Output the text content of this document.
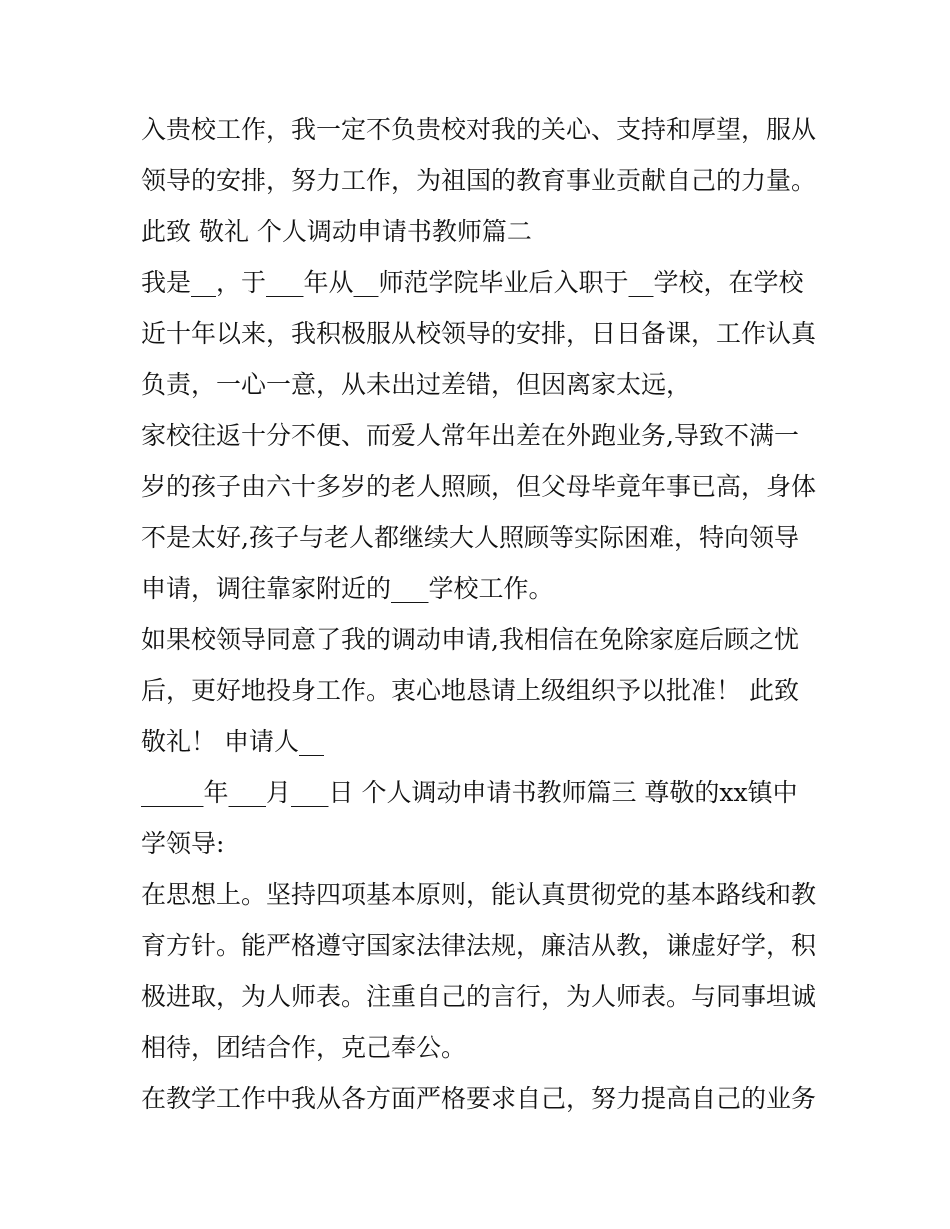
入贵校工作，我一定不负贵校对我的关心、支持和厚望，服从
领导的安排，努力工作，为祖国的教育事业贡献自己的力量。
此致 敬礼 个人调动申请书教师篇二
我是__，于___年从__师范学院毕业后入职于__学校，在学校
近十年以来，我积极服从校领导的安排，日日备课，工作认真
负责，一心一意，从未出过差错，但因离家太远，
家校往返十分不便、而爱人常年出差在外跑业务,导致不满一
岁的孩子由六十多岁的老人照顾，但父母毕竟年事已高，身体
不是太好,孩子与老人都继续大人照顾等实际困难，特向领导
申请，调往靠家附近的___学校工作。
如果校领导同意了我的调动申请,我相信在免除家庭后顾之忧
后，更好地投身工作。衷心地恳请上级组织予以批准！ 此致
敬礼！ 申请人__
_____年___月___日 个人调动申请书教师篇三 尊敬的xx镇中
学领导:
在思想上。坚持四项基本原则，能认真贯彻党的基本路线和教
育方针。能严格遵守国家法律法规，廉洁从教，谦虚好学，积
极进取，为人师表。注重自己的言行，为人师表。与同事坦诚
相待，团结合作，克己奉公。
在教学工作中我从各方面严格要求自己，努力提高自己的业务
